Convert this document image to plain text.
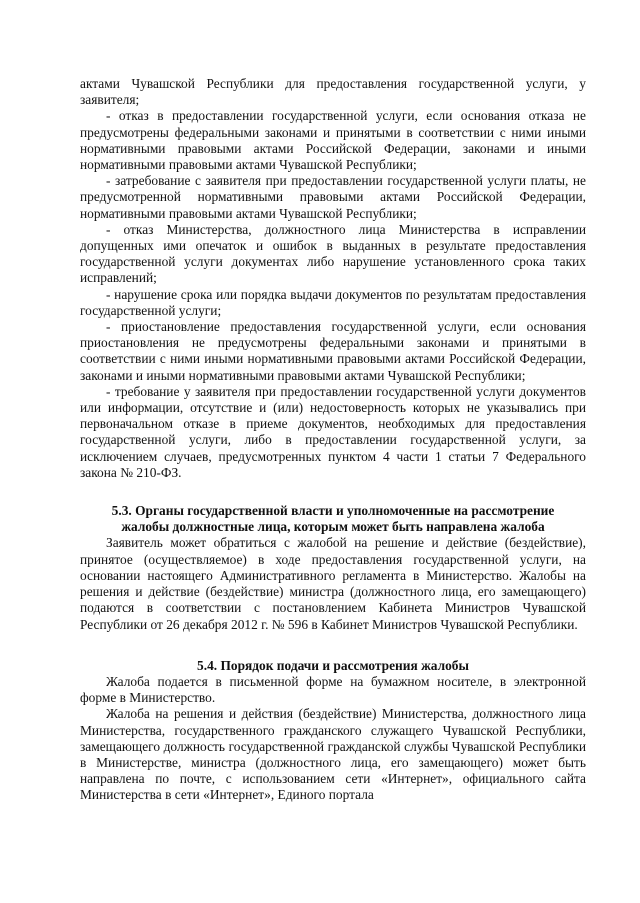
актами Чувашской Республики для предоставления государственной услуги, у заявителя;

- отказ в предоставлении государственной услуги, если основания отказа не предусмотрены федеральными законами и принятыми в соответствии с ними иными нормативными правовыми актами Российской Федерации, законами и иными нормативными правовыми актами Чувашской Республики;

- затребование с заявителя при предоставлении государственной услуги платы, не предусмотренной нормативными правовыми актами Российской Федерации, нормативными правовыми актами Чувашской Республики;

- отказ Министерства, должностного лица Министерства в исправлении допущенных ими опечаток и ошибок в выданных в результате предоставления государственной услуги документах либо нарушение установленного срока таких исправлений;

- нарушение срока или порядка выдачи документов по результатам предоставления государственной услуги;

- приостановление предоставления государственной услуги, если основания приостановления не предусмотрены федеральными законами и принятыми в соответствии с ними иными нормативными правовыми актами Российской Федерации, законами и иными нормативными правовыми актами Чувашской Республики;

- требование у заявителя при предоставлении государственной услуги документов или информации, отсутствие и (или) недостоверность которых не указывались при первоначальном отказе в приеме документов, необходимых для предоставления государственной услуги, либо в предоставлении государственной услуги, за исключением случаев, предусмотренных пунктом 4 части 1 статьи 7 Федерального закона № 210-ФЗ.

5.3. Органы государственной власти и уполномоченные на рассмотрение жалобы должностные лица, которым может быть направлена жалоба

Заявитель может обратиться с жалобой на решение и действие (бездействие), принятое (осуществляемое) в ходе предоставления государственной услуги, на основании настоящего Административного регламента в Министерство. Жалобы на решения и действие (бездействие) министра (должностного лица, его замещающего) подаются в соответствии с постановлением Кабинета Министров Чувашской Республики от 26 декабря 2012 г. № 596 в Кабинет Министров Чувашской Республики.

5.4. Порядок подачи и рассмотрения жалобы

Жалоба подается в письменной форме на бумажном носителе, в электронной форме в Министерство.

Жалоба на решения и действия (бездействие) Министерства, должностного лица Министерства, государственного гражданского служащего Чувашской Республики, замещающего должность государственной гражданской службы Чувашской Республики в Министерстве, министра (должностного лица, его замещающего) может быть направлена по почте, с использованием сети «Интернет», официального сайта Министерства в сети «Интернет», Единого портала
